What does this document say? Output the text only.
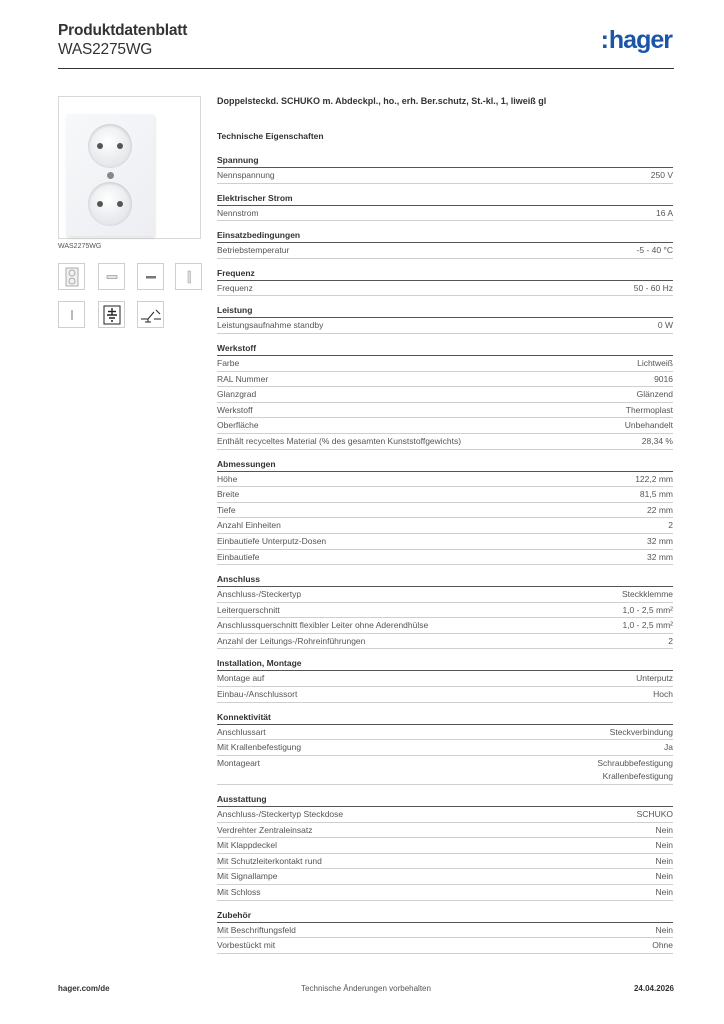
Produktdatenblatt
WAS2275WG	:hager
WAS2275WG
Doppelsteckd. SCHUKO m. Abdeckpl., ho., erh. Ber.schutz, St.-kl., 1, liweiß gl
Technische Eigenschaften
Spannung
Nennspannung	250 V
Elektrischer Strom
Nennstrom	16 A
Einsatzbedingungen
Betriebstemperatur	-5 - 40 °C
Frequenz
Frequenz	50 - 60 Hz
Leistung
Leistungsaufnahme standby	0 W
Werkstoff
Farbe	Lichtweiß
RAL Nummer	9016
Glanzgrad	Glänzend
Werkstoff	Thermoplast
Oberfläche	Unbehandelt
Enthält recyceltes Material (% des gesamten Kunststoffgewichts)	28,34 %
Abmessungen
Höhe	122,2 mm
Breite	81,5 mm
Tiefe	22 mm
Anzahl Einheiten	2
Einbautiefe Unterputz-Dosen	32 mm
Einbautiefe	32 mm
Anschluss
Anschluss-/Steckertyp	Steckklemme
Leiterquerschnitt	1,0 - 2,5 mm²
Anschlussquerschnitt flexibler Leiter ohne Aderendhülse	1,0 - 2,5 mm²
Anzahl der Leitungs-/Rohreinführungen	2
Installation, Montage
Montage auf	Unterputz
Einbau-/Anschlussort	Hoch
Konnektivität
Anschlussart	Steckverbindung
Mit Krallenbefestigung	Ja
Montageart	Schraubbefestigung
Krallenbefestigung
Ausstattung
Anschluss-/Steckertyp Steckdose	SCHUKO
Verdrehter Zentraleinsatz	Nein
Mit Klappdeckel	Nein
Mit Schutzleiterkontakt rund	Nein
Mit Signallampe	Nein
Mit Schloss	Nein
Zubehör
Mit Beschriftungsfeld	Nein
Vorbestückt mit	Ohne
hager.com/de	Technische Änderungen vorbehalten	24.04.2026
